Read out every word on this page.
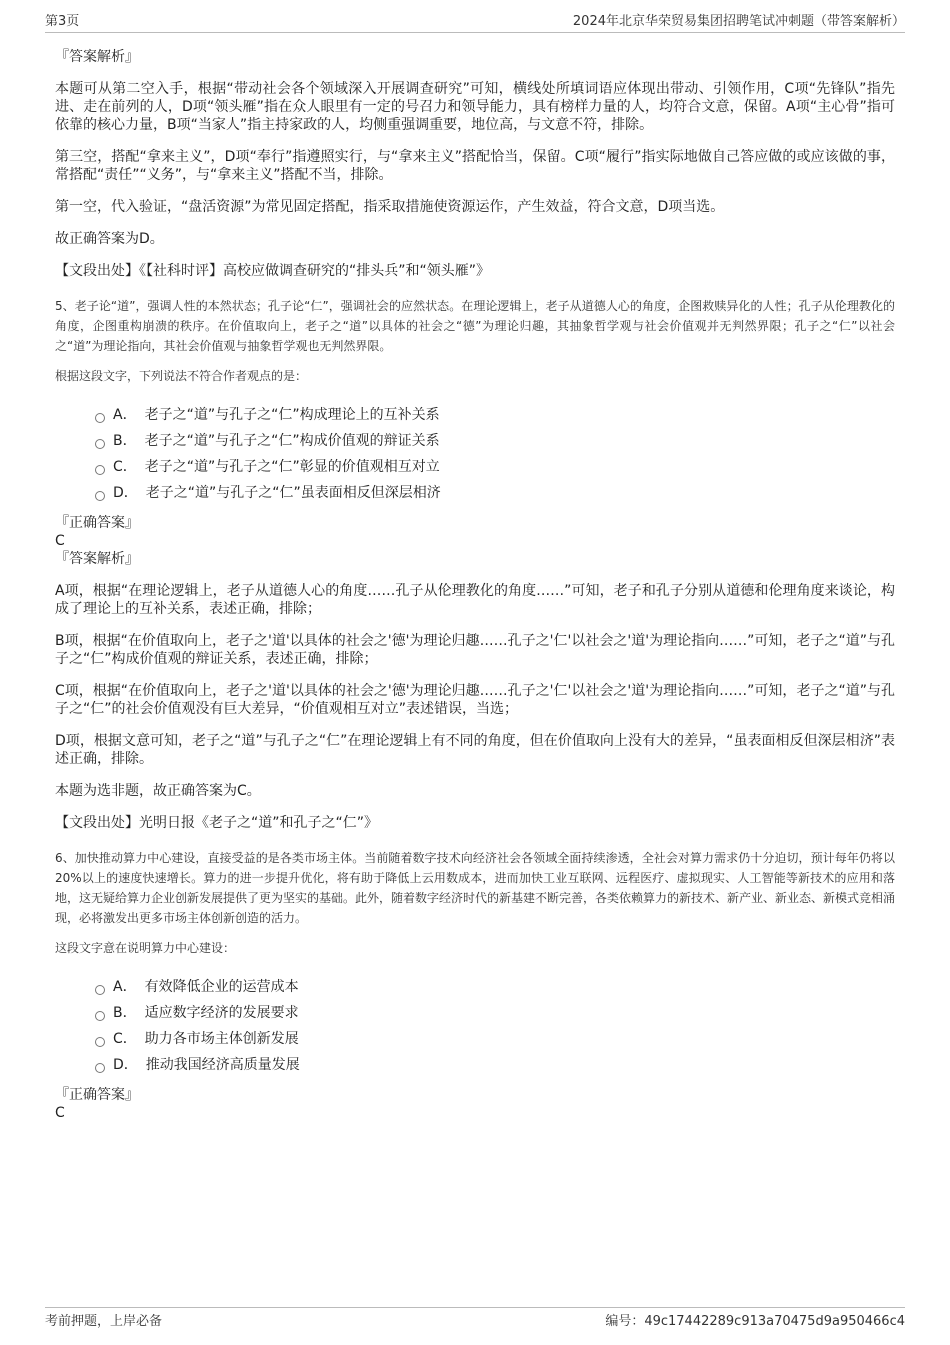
第3页	2024年北京华荣贸易集团招聘笔试冲刺题（带答案解析）

『答案解析』

本题可从第二空入手，根据“带动社会各个领域深入开展调查研究”可知，横线处所填词语应体现出带动、引领作用，C项“先锋队”指先进、走在前列的人，D项“领头雁”指在众人眼里有一定的号召力和领导能力，具有榜样力量的人，均符合文意，保留。A项“主心骨”指可依靠的核心力量，B项“当家人”指主持家政的人，均侧重强调重要，地位高，与文意不符，排除。

第三空，搭配“拿来主义”，D项“奉行”指遵照实行，与“拿来主义”搭配恰当，保留。C项“履行”指实际地做自己答应做的或应该做的事，常搭配“责任”“义务”，与“拿来主义”搭配不当，排除。

第一空，代入验证，“盘活资源”为常见固定搭配，指采取措施使资源运作，产生效益，符合文意，D项当选。

故正确答案为D。

【文段出处】《【社科时评】高校应做调查研究的“排头兵”和“领头雁”》

5、老子论“道”，强调人性的本然状态；孔子论“仁”，强调社会的应然状态。在理论逻辑上，老子从道德人心的角度，企图救赎异化的人性；孔子从伦理教化的角度，企图重构崩溃的秩序。在价值取向上，老子之“道”以具体的社会之“德”为理论归趣，其抽象哲学观与社会价值观并无判然界限；孔子之“仁”以社会之“道”为理论指向，其社会价值观与抽象哲学观也无判然界限。

根据这段文字，下列说法不符合作者观点的是：

A． 老子之“道”与孔子之“仁”构成理论上的互补关系
B． 老子之“道”与孔子之“仁”构成价值观的辩证关系
C． 老子之“道”与孔子之“仁”彰显的价值观相互对立
D． 老子之“道”与孔子之“仁”虽表面相反但深层相济

『正确答案』

C

『答案解析』

A项，根据“在理论逻辑上，老子从道德人心的角度……孔子从伦理教化的角度……”可知，老子和孔子分别从道德和伦理角度来谈论，构成了理论上的互补关系，表述正确，排除；

B项，根据“在价值取向上，老子之'道'以具体的社会之'德'为理论归趣……孔子之'仁'以社会之'道'为理论指向……”可知，老子之“道”与孔子之“仁”构成价值观的辩证关系，表述正确，排除；

C项，根据“在价值取向上，老子之'道'以具体的社会之'德'为理论归趣……孔子之'仁'以社会之'道'为理论指向……”可知，老子之“道”与孔子之“仁”的社会价值观没有巨大差异，“价值观相互对立”表述错误，当选；

D项，根据文意可知，老子之“道”与孔子之“仁”在理论逻辑上有不同的角度，但在价值取向上没有大的差异，“虽表面相反但深层相济”表述正确，排除。

本题为选非题，故正确答案为C。

【文段出处】光明日报《老子之“道”和孔子之“仁”》

6、加快推动算力中心建设，直接受益的是各类市场主体。当前随着数字技术向经济社会各领域全面持续渗透，全社会对算力需求仍十分迫切，预计每年仍将以20%以上的速度快速增长。算力的进一步提升优化，将有助于降低上云用数成本，进而加快工业互联网、远程医疗、虚拟现实、人工智能等新技术的应用和落地，这无疑给算力企业创新发展提供了更为坚实的基础。此外，随着数字经济时代的新基建不断完善，各类依赖算力的新技术、新产业、新业态、新模式竞相涌现，必将激发出更多市场主体创新创造的活力。

这段文字意在说明算力中心建设：

A． 有效降低企业的运营成本
B． 适应数字经济的发展要求
C． 助力各市场主体创新发展
D． 推动我国经济高质量发展

『正确答案』

C

考前押题，上岸必备	编号：49c17442289c913a70475d9a950466c4
